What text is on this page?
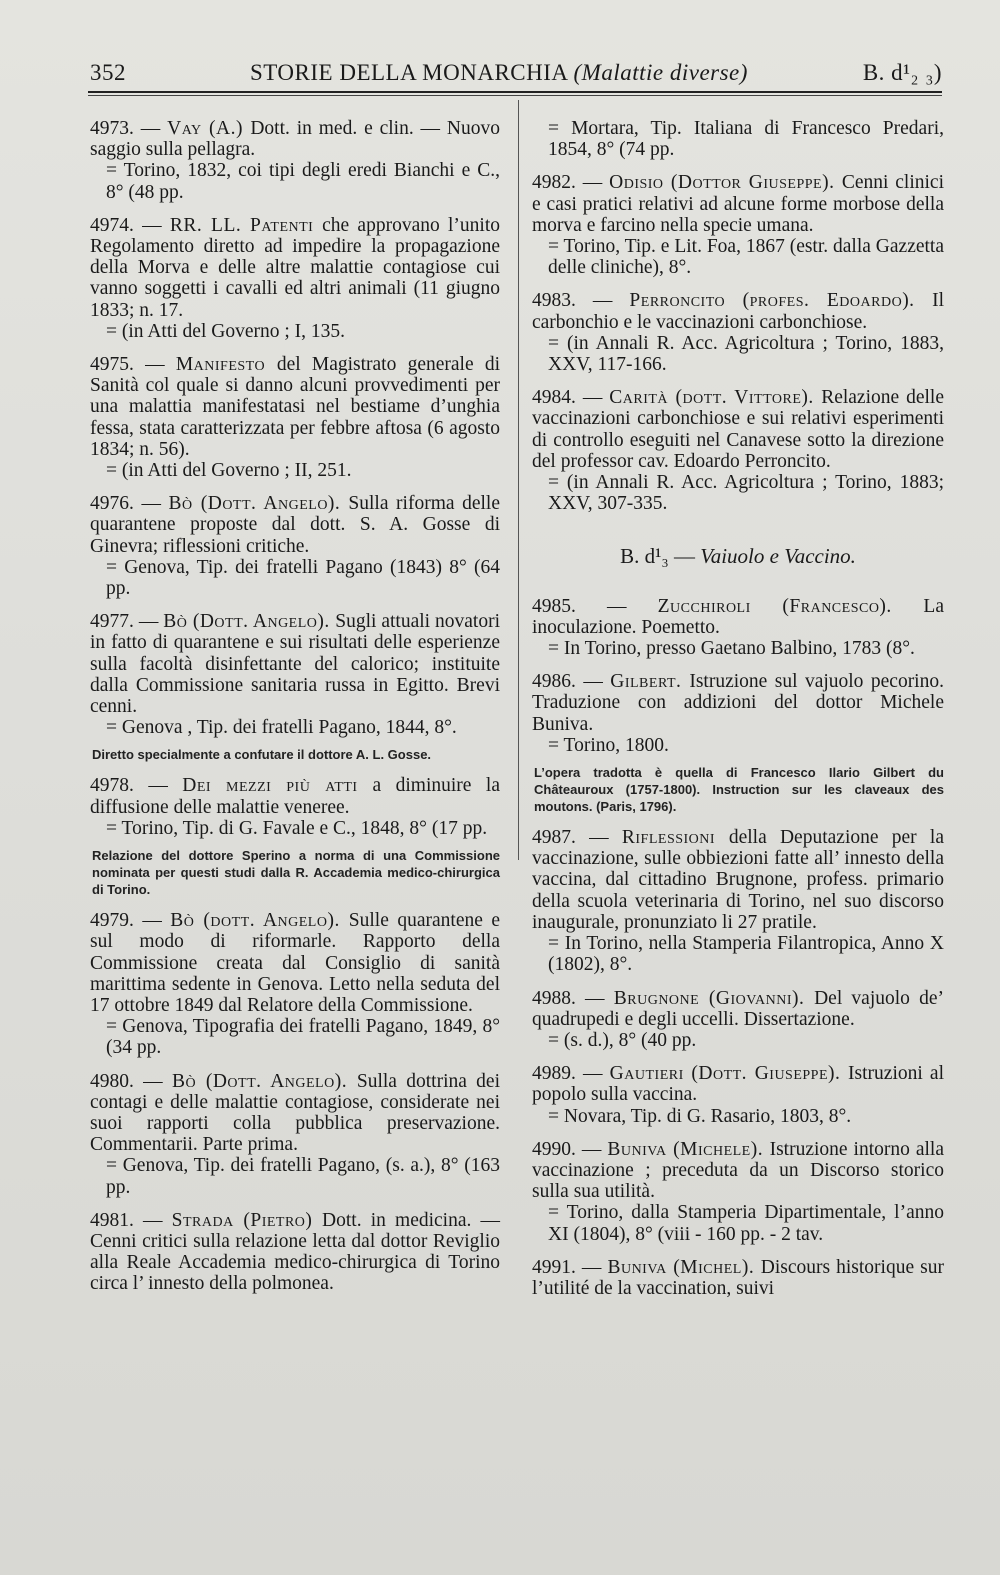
352	STORIE DELLA MONARCHIA (Malattie diverse)	B. d¹₂ ₃)
4973. — Vay (A.) Dott. in med. e clin. — Nuovo saggio sulla pellagra.
= Torino, 1832, coi tipi degli eredi Bianchi e C., 8° (48 pp.
4974. — RR. LL. Patenti che approvano l’unito Regolamento diretto ad impedire la propagazione della Morva e delle altre malattie contagiose cui vanno soggetti i cavalli ed altri animali (11 giugno 1833; n. 17.
= (in Atti del Governo ; I, 135.
4975. — Manifesto del Magistrato generale di Sanità col quale si danno alcuni provvedimenti per una malattia manifestatasi nel bestiame d’unghia fessa, stata caratterizzata per febbre aftosa (6 agosto 1834; n. 56).
= (in Atti del Governo ; II, 251.
4976. — Bò (Dott. Angelo). Sulla riforma delle quarantene proposte dal dott. S. A. Gosse di Ginevra; riflessioni critiche.
= Genova, Tip. dei fratelli Pagano (1843) 8° (64 pp.
4977. — Bò (Dott. Angelo). Sugli attuali novatori in fatto di quarantene e sui risultati delle esperienze sulla facoltà disinfettante del calorico; instituite dalla Commissione sanitaria russa in Egitto. Brevi cenni.
= Genova , Tip. dei fratelli Pagano, 1844, 8°.
Diretto specialmente a confutare il dottore A. L. Gosse.
4978. — Dei mezzi più atti a diminuire la diffusione delle malattie veneree.
= Torino, Tip. di G. Favale e C., 1848, 8° (17 pp.
Relazione del dottore Sperino a norma di una Commissione nominata per questi studi dalla R. Accademia medico-chirurgica di Torino.
4979. — Bò (dott. Angelo). Sulle quarantene e sul modo di riformarle. Rapporto della Commissione creata dal Consiglio di sanità marittima sedente in Genova. Letto nella seduta del 17 ottobre 1849 dal Relatore della Commissione.
= Genova, Tipografia dei fratelli Pagano, 1849, 8° (34 pp.
4980. — Bò (Dott. Angelo). Sulla dottrina dei contagi e delle malattie contagiose, considerate nei suoi rapporti colla pubblica preservazione. Commentarii. Parte prima.
= Genova, Tip. dei fratelli Pagano, (s. a.), 8° (163 pp.
4981. — Strada (Pietro) Dott. in medicina. — Cenni critici sulla relazione letta dal dottor Reviglio alla Reale Accademia medico-chirurgica di Torino circa l’ innesto della polmonea.
= Mortara, Tip. Italiana di Francesco Predari, 1854, 8° (74 pp.
4982. — Odisio (Dottor Giuseppe). Cenni clinici e casi pratici relativi ad alcune forme morbose della morva e farcino nella specie umana.
= Torino, Tip. e Lit. Foa, 1867 (estr. dalla Gazzetta delle cliniche), 8°.
4983. — Perroncito (profes. Edoardo). Il carbonchio e le vaccinazioni carbonchiose.
= (in Annali R. Acc. Agricoltura ; Torino, 1883, XXV, 117-166.
4984. — Carità (dott. Vittore). Relazione delle vaccinazioni carbonchiose e sui relativi esperimenti di controllo eseguiti nel Canavese sotto la direzione del professor cav. Edoardo Perroncito.
= (in Annali R. Acc. Agricoltura ; Torino, 1883; XXV, 307-335.
B. d¹₃ — Vaiuolo e Vaccino.
4985. — Zucchiroli (Francesco). La inoculazione. Poemetto.
= In Torino, presso Gaetano Balbino, 1783 (8°.
4986. — Gilbert. Istruzione sul vajuolo pecorino. Traduzione con addizioni del dottor Michele Buniva.
= Torino, 1800.
L’opera tradotta è quella di Francesco Ilario Gilbert du Châteauroux (1757-1800). Instruction sur les claveaux des moutons. (Paris, 1796).
4987. — Riflessioni della Deputazione per la vaccinazione, sulle obbiezioni fatte all’ innesto della vaccina, dal cittadino Brugnone, profess. primario della scuola veterinaria di Torino, nel suo discorso inaugurale, pronunziato li 27 pratile.
= In Torino, nella Stamperia Filantropica, Anno X (1802), 8°.
4988. — Brugnone (Giovanni). Del vajuolo de’ quadrupedi e degli uccelli. Dissertazione.
= (s. d.), 8° (40 pp.
4989. — Gautieri (Dott. Giuseppe). Istruzioni al popolo sulla vaccina.
= Novara, Tip. di G. Rasario, 1803, 8°.
4990. — Buniva (Michele). Istruzione intorno alla vaccinazione ; preceduta da un Discorso storico sulla sua utilità.
= Torino, dalla Stamperia Dipartimentale, l’anno XI (1804), 8° (viii - 160 pp. - 2 tav.
4991. — Buniva (Michel). Discours historique sur l’utilité de la vaccination, suivi
